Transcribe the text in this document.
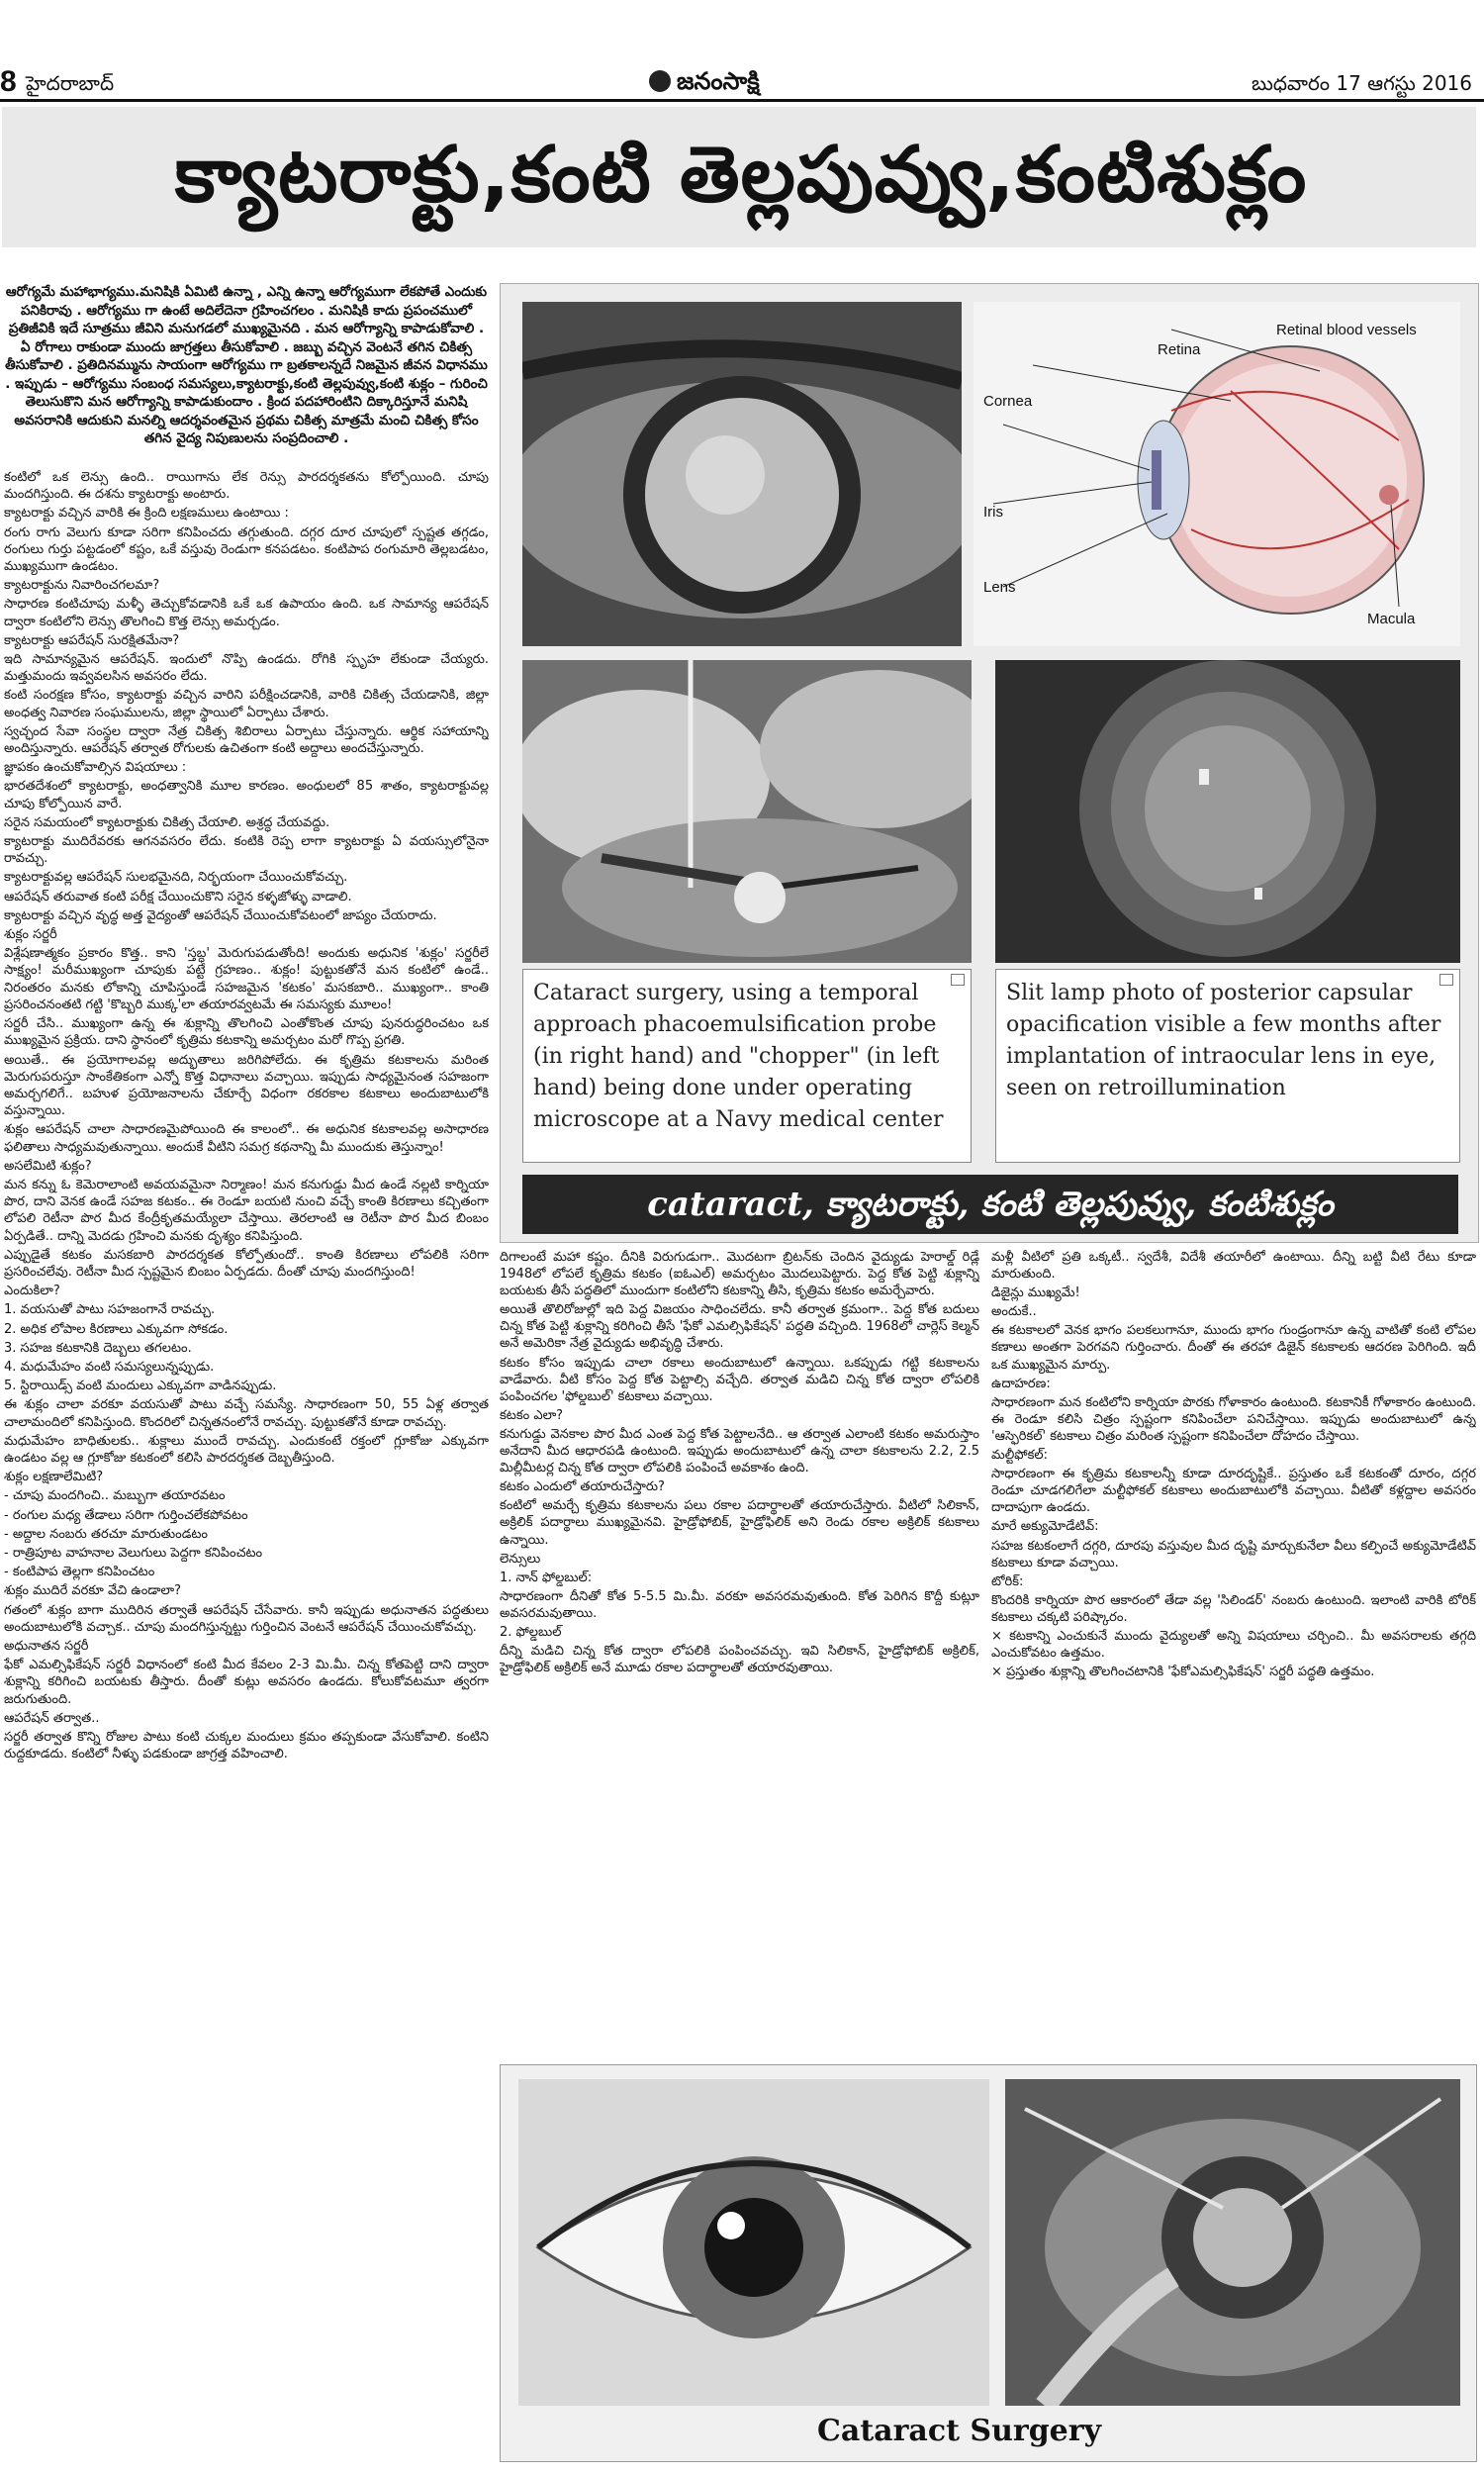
8 హైదరాబాద్	జనంసాక్షి	బుధవారం 17 ఆగస్టు 2016
క్యాటరాక్టు,కంటి తెల్లపువ్వు,కంటిశుక్లం
ఆరోగ్యమే మహాభాగ్యము.మనిషికి ఏమిటి ఉన్నా , ఎన్ని ఉన్నా ఆరోగ్యముగా లేకపోతే ఎందుకు పనికిరావు . ఆరోగ్యము గా ఉంటే అదిలేదెనా గ్రహించగలం . మనిషికి కాదు ప్రపంచములో ప్రతిజీవికి ఇదే సూత్రము జీవిని మనుగడలో ముఖ్యమైనది . మన ఆరోగ్యాన్ని కాపాడుకోవాలి . ఏ రోగాలు రాకుండా ముందు జాగ్రత్తలు తీసుకోవాలి . జబ్బు వచ్చిన వెంటనే తగిన చికిత్స తీసుకోవాలి . ప్రతిదినమ్మును సాయంగా ఆరోగ్యము గా బ్రతకాలన్నదే నిజమైన జీవన విధానము . ఇప్పుడు – ఆరోగ్యము సంబంధ సమస్యలు,క్యాటరాక్టు,కంటి తెల్లపువ్వు,కంటి శుక్లం – గురించి తెలుసుకొని మన ఆరోగ్యాన్ని కాపాడుకుందాం . క్రింద పదహారింటిని దిక్కారిస్తూనే మనిషి అవసరానికి ఆదుకుని మనల్ని ఆదర్శవంతమైన ప్రథమ చికిత్స మాత్రమే మంచి చికిత్స కోసం తగిన వైద్య నిపుణులను సంప్రదించాలి .

కంటిలో ఒక లెన్సు ఉంది.. రాయిగాను లేక రెన్సు పారదర్శకతను కోల్పోయింది. చూపు మందగిస్తుంది. ఈ దశను క్యాటరాక్టు అంటారు.

క్యాటరాక్టు వచ్చిన వారికి ఈ క్రింది లక్షణములు ఉంటాయి :

రంగు రాగు వెలుగు కూడా సరిగా కనిపించదు తగ్గుతుంది. దగ్గర దూర చూపులో స్పష్టత తగ్గడం, రంగులు గుర్తు పట్టడంలో కష్టం, ఒకే వస్తువు రెండుగా కనపడటం. కంటిపాప రంగుమారి తెల్లబడటం, ముఖ్యముగా ఉండటం.

క్యాటరాక్టును నివారించగలమా?

సాధారణ కంటిచూపు మళ్ళీ తెచ్చుకోవడానికి ఒకే ఒక ఉపాయం ఉంది. ఒక సామాన్య ఆపరేషన్ ద్వారా కంటిలోని లెన్సు తొలగించి కొత్త లెన్సు అమర్చడం.

క్యాటరాక్టు ఆపరేషన్ సురక్షితమేనా?

ఇది సామాన్యమైన ఆపరేషన్. ఇందులో నొప్పి ఉండదు. రోగికి స్పృహ లేకుండా చేయ్యరు. మత్తుమందు ఇవ్వవలసిన అవసరం లేదు.

కంటి సంరక్షణ కోసం, క్యాటరాక్టు వచ్చిన వారిని పరీక్షించడానికి, వారికి చికిత్స చేయడానికి, జిల్లా అంధత్వ నివారణ సంఘములను, జిల్లా స్థాయిలో ఏర్పాటు చేశారు.

స్వచ్ఛంద సేవా సంస్థల ద్వారా నేత్ర చికిత్స శిబిరాలు ఏర్పాటు చేస్తున్నారు. ఆర్థిక సహాయాన్ని అందిస్తున్నారు. ఆపరేషన్ తర్వాత రోగులకు ఉచితంగా కంటి అద్దాలు అందచేస్తున్నారు.

జ్ఞాపకం ఉంచుకోవాల్సిన విషయాలు :

భారతదేశంలో క్యాటరాక్టు, అంధత్వానికి మూల కారణం. అంధులలో 85 శాతం, క్యాటరాక్టువల్ల చూపు కోల్పోయిన వారే.

సరైన సమయంలో క్యాటరాక్టుకు చికిత్స చేయాలి. అశ్రద్ధ చేయవద్దు.

క్యాటరాక్టు ముదిరేవరకు ఆగనవసరం లేదు. కంటికి రెప్ప లాగా క్యాటరాక్టు ఏ వయస్సులోనైనా రావచ్చు.

క్యాటరాక్టువల్ల ఆపరేషన్ సులభమైనది, నిర్భయంగా చేయించుకోవచ్చు.

ఆపరేషన్ తరువాత కంటి పరీక్ష చేయించుకొని సరైన కళ్ళజోళ్ళు వాడాలి.

క్యాటరాక్టు వచ్చిన వృద్ధ అత్త వైద్యంతో ఆపరేషన్ చేయించుకోవటంలో జాప్యం చేయరాదు.

శుక్లం సర్జరీ

విశ్లేషణాత్మకం ప్రకారం కొత్త.. కాని 'స్తబ్ధ' మెరుగుపడుతోంది! అందుకు అధునిక 'శుక్లం' సర్జరీలే సాక్ష్యం! మరీముఖ్యంగా చూపుకు పట్టే గ్రహణం.. శుక్లం! పుట్టుకతోనే మన కంటిలో ఉండే.. నిరంతరం మనకు లోకాన్ని చూపిస్తుండే సహజమైన 'కటకం' మసకబారి.. ముఖ్యంగా.. కాంతి ప్రసరించనంతటి గట్టి 'కొబ్బరి ముక్క'లా తయారవ్వటమే ఈ సమస్యకు మూలం!

సర్జరీ చేసి.. ముఖ్యంగా ఉన్న ఈ శుక్లాన్ని తొలగించి ఎంతోకొంత చూపు పునరుద్ధరించటం ఒక ముఖ్యమైన ప్రక్రియ. దాని స్థానంలో కృత్రిమ కటకాన్ని అమర్చటం మరో గొప్ప ప్రగతి.

అయితే.. ఈ ప్రయోగాలవల్ల అద్భుతాలు జరిగిపోలేదు. ఈ కృత్రిమ కటకాలను మరింత మెరుగుపరుస్తూ సాంకేతికంగా ఎన్నో కొత్త విధానాలు వచ్చాయి. ఇప్పుడు సాధ్యమైనంత సహజంగా అమర్చగలిగే.. బహుళ ప్రయోజనాలను చేకూర్చే విధంగా రకరకాల కటకాలు అందుబాటులోకి వస్తున్నాయి.

శుక్లం ఆపరేషన్ చాలా సాధారణమైపోయింది ఈ కాలంలో.. ఈ అధునిక కటకాలవల్ల అసాధారణ ఫలితాలు సాధ్యమవుతున్నాయి. అందుకే వీటిని సమగ్ర కథనాన్ని మీ ముందుకు తెస్తున్నాం!

అసలేమిటి శుక్లం?

మన కన్ను ఓ కెమెరాలాంటి అవయవమైనా నిర్మాణం! మన కనుగుడ్డు మీద ఉండే నల్లటి కార్నియా పొర, దాని వెనక ఉండే సహజ కటకం.. ఈ రెండూ బయటి నుంచి వచ్చే కాంతి కిరణాలు కచ్చితంగా లోపలి రెటీనా పొర మీద కేంద్రీకృతమయ్యేలా చేస్తాయి. తెరలాంటి ఆ రెటీనా పొర మీద బింబం ఏర్పడితే.. దాన్ని మెదడు గ్రహించి మనకు దృశ్యం కనిపిస్తుంది.

ఎప్పుడైతే కటకం మసకబారి పారదర్శకత కోల్పోతుందో.. కాంతి కిరణాలు లోపలికి సరిగా ప్రసరించలేవు. రెటీనా మీద స్పష్టమైన బింబం ఏర్పడదు. దీంతో చూపు మందగిస్తుంది!

ఎందుకిలా?

1. వయసుతో పాటు సహజంగానే రావచ్చు.

2. అధిక లోపాల కిరణాలు ఎక్కువగా సోకడం.

3. సహజ కటకానికి దెబ్బలు తగలటం.

4. మధుమేహం వంటి సమస్యలున్నప్పుడు.

5. స్టిరాయిడ్స్ వంటి మందులు ఎక్కువగా వాడినప్పుడు.

ఈ శుక్లం చాలా వరకూ వయసుతో పాటు వచ్చే సమస్యే. సాధారణంగా 50, 55 ఏళ్ల తర్వాత చాలామందిలో కనిపిస్తుంది. కొందరిలో చిన్నతనంలోనే రావచ్చు. పుట్టుకతోనే కూడా రావచ్చు.

మధుమేహం బాధితులకు.. శుక్లాలు ముందే రావచ్చు. ఎందుకంటే రక్తంలో గ్లూకోజు ఎక్కువగా ఉండటం వల్ల ఆ గ్లూకోజు కటకంలో కలిసి పారదర్శకత దెబ్బతీస్తుంది.

శుక్లం లక్షణాలేమిటి?

- చూపు మందగించి.. మబ్బుగా తయారవటం

- రంగుల మధ్య తేడాలు సరిగా గుర్తించలేకపోవటం

- అద్దాల నంబరు తరచూ మారుతుండటం

- రాత్రిపూట వాహనాల వెలుగులు పెద్దగా కనిపించటం

- కంటిపాప తెల్లగా కనిపించటం

శుక్లం ముదిరే వరకూ వేచి ఉండాలా?

గతంలో శుక్లం బాగా ముదిరిన తర్వాతే ఆపరేషన్ చేసేవారు. కానీ ఇప్పుడు అధునాతన పద్ధతులు అందుబాటులోకి వచ్చాక.. చూపు మందగిస్తున్నట్టు గుర్తించిన వెంటనే ఆపరేషన్ చేయించుకోవచ్చు.

అధునాతన సర్జరీ

ఫేకో ఎమల్సిఫికేషన్ సర్జరీ విధానంలో కంటి మీద కేవలం 2-3 మి.మీ. చిన్న కోతపెట్టి దాని ద్వారా శుక్లాన్ని కరిగించి బయటకు తీస్తారు. దీంతో కుట్లు అవసరం ఉండదు. కోలుకోవటమూ త్వరగా జరుగుతుంది.

ఆపరేషన్ తర్వాత..

సర్జరీ తర్వాత కొన్ని రోజుల పాటు కంటి చుక్కల మందులు క్రమం తప్పకుండా వేసుకోవాలి. కంటిని రుద్దకూడదు. కంటిలో నీళ్ళు పడకుండా జాగ్రత్త వహించాలి.

Retina
Retinal blood vessels
Cornea
Iris
Lens
Macula
Cataract surgery, using a temporal approach phacoemulsification probe (in right hand) and "chopper" (in left hand) being done under operating microscope at a Navy medical center
Slit lamp photo of posterior capsular opacification visible a few months after implantation of intraocular lens in eye, seen on retroillumination
cataract, క్యాటరాక్టు, కంటి తెల్లపువ్వు, కంటిశుక్లం

దిగాలంటే మహా కష్టం. దీనికి విరుగుడుగా.. మొదటగా బ్రిటన్‌కు చెందిన వైద్యుడు హెరాల్డ్ రిడ్లే 1948లో లోపలే కృత్రిమ కటకం (ఐఓఎల్) అమర్చటం మొదలుపెట్టారు. పెద్ద కోత పెట్టి శుక్లాన్ని బయటకు తీసే పద్ధతిలో ముందుగా కంటిలోని కటకాన్ని తీసి, కృత్రిమ కటకం అమర్చేవారు.

అయితే తొలిరోజుల్లో ఇది పెద్ద విజయం సాధించలేదు. కానీ తర్వాత క్రమంగా.. పెద్ద కోత బదులు చిన్న కోత పెట్టి శుక్లాన్ని కరిగించి తీసే 'ఫేకో ఎమల్సిఫికేషన్' పద్ధతి వచ్చింది. 1968లో చార్లెస్ కెల్మన్ అనే అమెరికా నేత్ర వైద్యుడు అభివృద్ధి చేశారు.

కటకం కోసం ఇప్పుడు చాలా రకాలు అందుబాటులో ఉన్నాయి. ఒకప్పుడు గట్టి కటకాలను వాడేవారు. వీటి కోసం పెద్ద కోత పెట్టాల్సి వచ్చేది. తర్వాత మడిచి చిన్న కోత ద్వారా లోపలికి పంపించగల 'ఫోల్డబుల్' కటకాలు వచ్చాయి.

కటకం ఎలా?

కనుగుడ్డు వెనకాల పొర మీద ఎంత పెద్ద కోత పెట్టాలనేది.. ఆ తర్వాత ఎలాంటి కటకం అమరుస్తాం అనేదాని మీద ఆధారపడి ఉంటుంది. ఇప్పుడు అందుబాటులో ఉన్న చాలా కటకాలను 2.2, 2.5 మిల్లీమీటర్ల చిన్న కోత ద్వారా లోపలికి పంపించే అవకాశం ఉంది.

కటకం ఎందులో తయారుచేస్తారు?

కంటిలో అమర్చే కృత్రిమ కటకాలను పలు రకాల పదార్థాలతో తయారుచేస్తారు. వీటిలో సిలికాన్, అక్రిలిక్ పదార్థాలు ముఖ్యమైనవి. హైడ్రోఫోబిక్, హైడ్రోఫిలిక్ అని రెండు రకాల అక్రిలిక్ కటకాలు ఉన్నాయి.

లెన్సులు

1. నాన్ ఫోల్డబుల్:

సాధారణంగా దీనితో కోత 5-5.5 మి.మీ. వరకూ అవసరమవుతుంది. కోత పెరిగిన కొద్దీ కుట్లూ అవసరమవుతాయి.

2. ఫోల్డబుల్

దీన్ని మడిచి చిన్న కోత ద్వారా లోపలికి పంపించవచ్చు. ఇవి సిలికాన్, హైడ్రోఫోబిక్ అక్రిలిక్, హైడ్రోఫిలిక్ అక్రిలిక్ అనే మూడు రకాల పదార్థాలతో తయారవుతాయి.

మళ్లీ వీటిలో ప్రతి ఒక్కటీ.. స్వదేశీ, విదేశీ తయారీలో ఉంటాయి. దీన్ని బట్టి వీటి రేటు కూడా మారుతుంది.

డిజైన్లు ముఖ్యమే!

అందుకే..

ఈ కటకాలలో వెనక భాగం పలకలుగానూ, ముందు భాగం గుండ్రంగానూ ఉన్న వాటితో కంటి లోపల కణాలు అంతగా పెరగవని గుర్తించారు. దీంతో ఈ తరహా డిజైన్ కటకాలకు ఆదరణ పెరిగింది. ఇదీ ఒక ముఖ్యమైన మార్పు.

ఉదాహరణ:

సాధారణంగా మన కంటిలోని కార్నియా పొరకు గోళాకారం ఉంటుంది. కటకానికీ గోళాకారం ఉంటుంది. ఈ రెండూ కలిసి చిత్రం స్పష్టంగా కనిపించేలా పనిచేస్తాయి. ఇప్పుడు అందుబాటులో ఉన్న 'ఆస్ఫెరికల్' కటకాలు చిత్రం మరింత స్పష్టంగా కనిపించేలా దోహదం చేస్తాయి.

మల్టీఫోకల్:

సాధారణంగా ఈ కృత్రిమ కటకాలన్నీ కూడా దూరదృష్టికే.. ప్రస్తుతం ఒకే కటకంతో దూరం, దగ్గర రెండూ చూడగలిగేలా మల్టీఫోకల్ కటకాలు అందుబాటులోకి వచ్చాయి. వీటితో కళ్లద్దాల అవసరం దాదాపుగా ఉండదు.

మారే అక్యుమోడేటివ్:

సహజ కటకంలాగే దగ్గరి, దూరపు వస్తువుల మీద దృష్టి మార్చుకునేలా వీలు కల్పించే అక్యుమోడేటివ్ కటకాలు కూడా వచ్చాయి.

టోరిక్:

కొందరికి కార్నియా పొర ఆకారంలో తేడా వల్ల 'సిలిండర్' నంబరు ఉంటుంది. ఇలాంటి వారికి టోరిక్ కటకాలు చక్కటి పరిష్కారం.

× కటకాన్ని ఎంచుకునే ముందు వైద్యులతో అన్ని విషయాలు చర్చించి.. మీ అవసరాలకు తగ్గది ఎంచుకోవటం ఉత్తమం.

× ప్రస్తుతం శుక్లాన్ని తొలగించటానికి 'ఫేకోఎమల్సిఫికేషన్' సర్జరీ పద్ధతి ఉత్తమం.

Cataract Surgery
